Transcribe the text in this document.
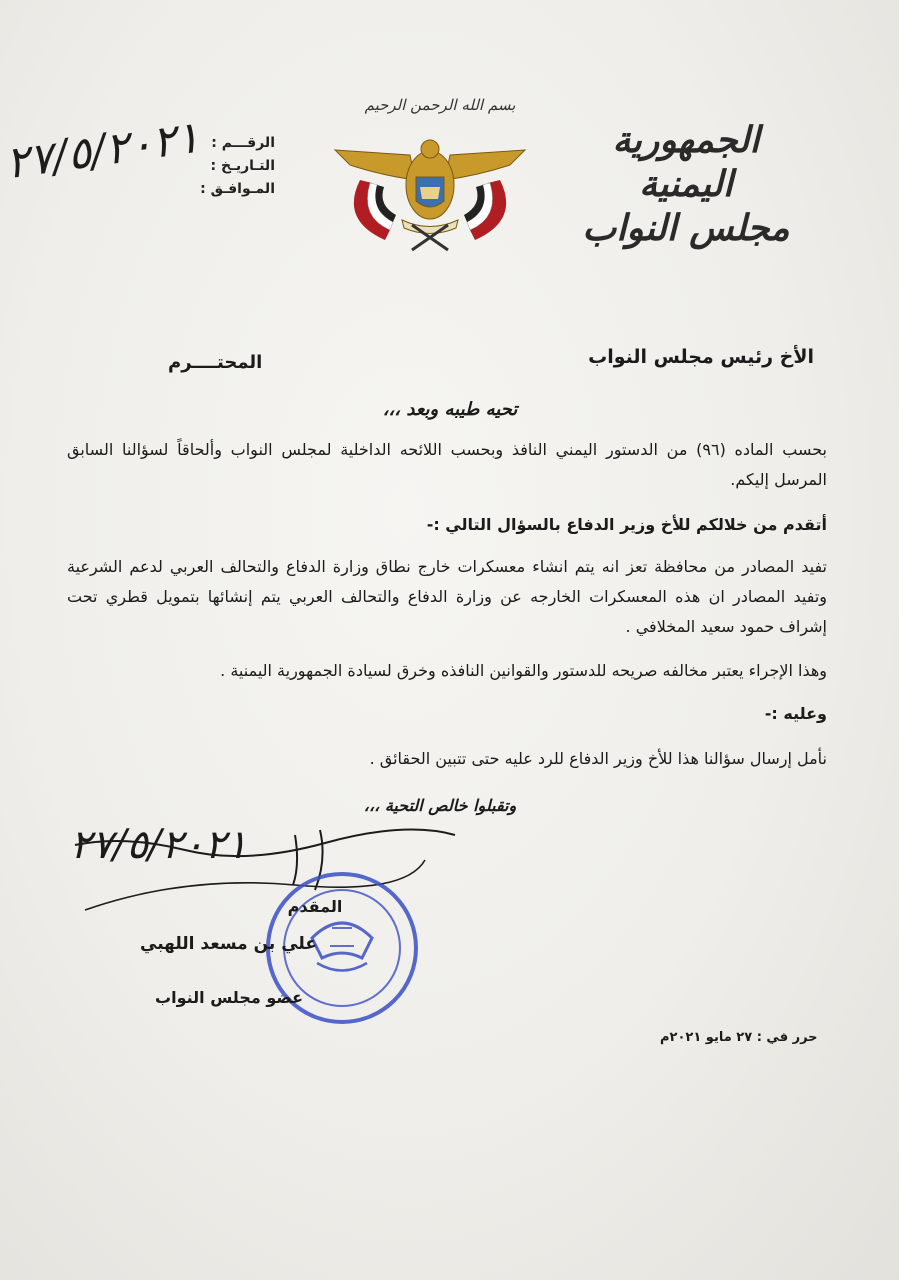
الجمهورية اليمنية
مجلس النواب
بسم الله الرحمن الرحيم
الرقـــم :
التـاريـخ :
المـوافـق :
٢٧/٥/٢٠٢١
الأخ رئيس مجلس النواب
المحتــــرم
تحيه طيبه وبعد ،،،
بحسب الماده (٩٦) من الدستور اليمني النافذ وبحسب اللائحه الداخلية لمجلس النواب وألحاقاً لسؤالنا السابق المرسل إليكم.
أتقدم من خلالكم للأخ وزير الدفاع بالسؤال التالي :-
تفيد المصادر من محافظة تعز انه يتم انشاء معسكرات خارج نطاق وزارة الدفاع والتحالف العربي لدعم الشرعية وتفيد المصادر ان هذه المعسكرات الخارجه عن وزارة الدفاع والتحالف العربي يتم إنشائها بتمويل قطري تحت إشراف حمود سعيد المخلافي .
وهذا الإجراء يعتبر مخالفه صريحه للدستور والقوانين النافذه وخرق لسيادة الجمهورية اليمنية .
وعليه :-
نأمل إرسال سؤالنا هذا للأخ وزير الدفاع للرد عليه حتى تتبين الحقائق .
وتقبلوا خالص التحية ،،،
٢٧/٥/٢٠٢١
المقدم
علي بن مسعد اللهبي
عضو مجلس النواب
حرر في : ٢٧ مايو ٢٠٢١م
